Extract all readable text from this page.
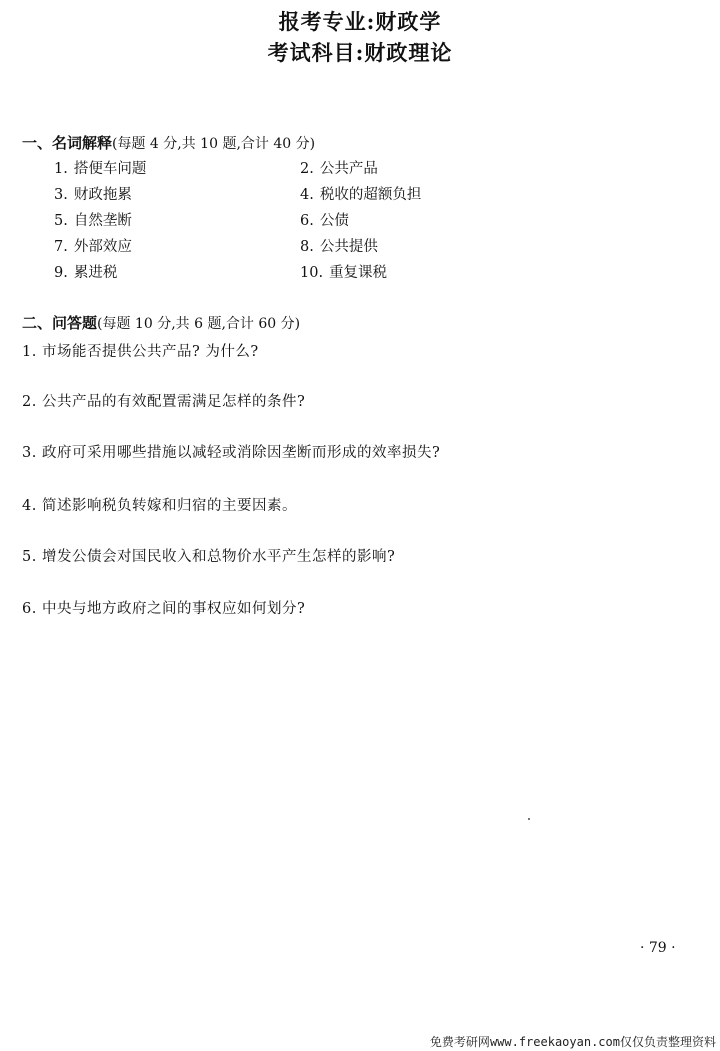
报考专业:财政学
考试科目:财政理论
一、名词解释(每题 4 分,共 10 题,合计 40 分)
1. 搭便车问题	2. 公共产品
3. 财政拖累	4. 税收的超额负担
5. 自然垄断	6. 公债
7. 外部效应	8. 公共提供
9. 累进税	10. 重复课税
二、问答题(每题 10 分,共 6 题,合计 60 分)
1. 市场能否提供公共产品? 为什么?
2. 公共产品的有效配置需满足怎样的条件?
3. 政府可采用哪些措施以减轻或消除因垄断而形成的效率损失?
4. 简述影响税负转嫁和归宿的主要因素。
5. 增发公债会对国民收入和总物价水平产生怎样的影响?
6. 中央与地方政府之间的事权应如何划分?
· 79 ·
免费考研网www.freekaoyan.com仅仅负责整理资料
